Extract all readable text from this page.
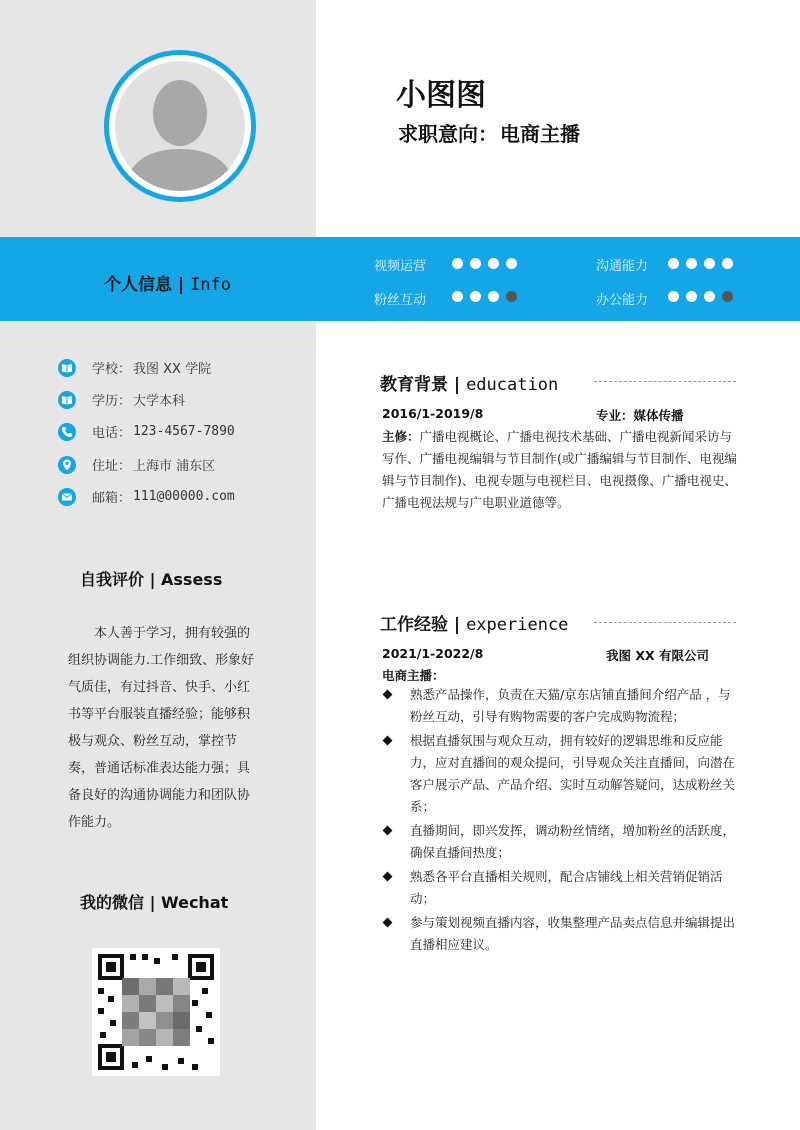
小图图
求职意向： 电商主播
个人信息 | Info
视频运营	沟通能力
粉丝互动	办公能力
学校： 我图 XX 学院
学历： 大学本科
电话： 123-4567-7890
住址： 上海市 浦东区
邮箱： 111@00000.com
自我评价 | Assess
本人善于学习，拥有较强的组织协调能力.工作细致、形象好气质佳，有过抖音、快手、小红书等平台服装直播经验；能够积极与观众、粉丝互动，掌控节奏，普通话标准表达能力强；具备良好的沟通协调能力和团队协作能力。
我的微信 | Wechat
教育背景 | education
2016/1-2019/8	专业：媒体传播
主修：广播电视概论、广播电视技术基础、广播电视新闻采访与写作、广播电视编辑与节目制作(或广播编辑与节目制作、电视编辑与节目制作)、电视专题与电视栏目、电视摄像、广播电视史、广播电视法规与广电职业道德等。
工作经验 | experience
2021/1-2022/8	我图 XX 有限公司
电商主播：
熟悉产品操作，负责在天猫/京东店铺直播间介绍产品 ，与粉丝互动，引导有购物需要的客户完成购物流程；
根据直播氛围与观众互动，拥有较好的逻辑思维和反应能力，应对直播间的观众提问，引导观众关注直播间，向潜在客户展示产品、产品介绍、实时互动解答疑问，达成粉丝关系；
直播期间，即兴发挥，调动粉丝情绪，增加粉丝的活跃度，确保直播间热度；
熟悉各平台直播相关规则，配合店铺线上相关营销促销活动；
参与策划视频直播内容，收集整理产品卖点信息并编辑提出直播相应建议。
